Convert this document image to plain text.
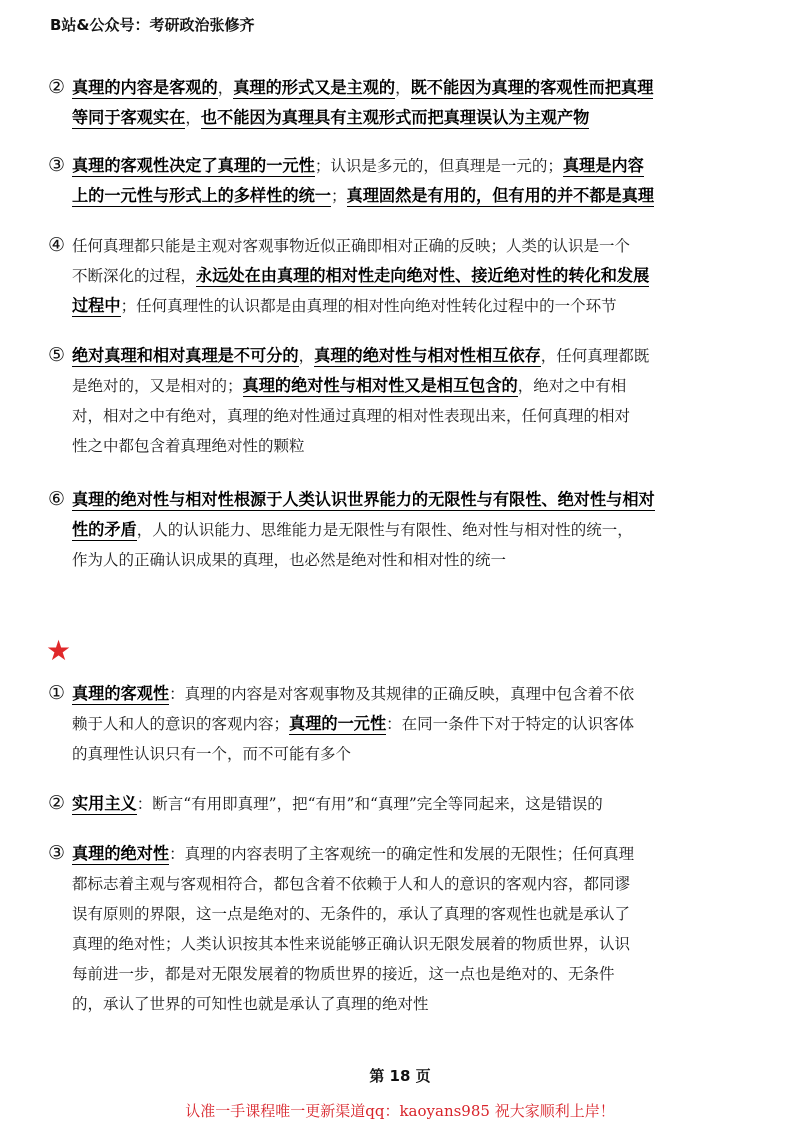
B站&公众号：考研政治张修齐
② 真理的内容是客观的，真理的形式又是主观的，既不能因为真理的客观性而把真理
等同于客观实在，也不能因为真理具有主观形式而把真理误认为主观产物
③ 真理的客观性决定了真理的一元性；认识是多元的，但真理是一元的；真理是内容
上的一元性与形式上的多样性的统一；真理固然是有用的，但有用的并不都是真理
④ 任何真理都只能是主观对客观事物近似正确即相对正确的反映；人类的认识是一个
不断深化的过程，永远处在由真理的相对性走向绝对性、接近绝对性的转化和发展
过程中；任何真理性的认识都是由真理的相对性向绝对性转化过程中的一个环节
⑤ 绝对真理和相对真理是不可分的，真理的绝对性与相对性相互依存，任何真理都既
是绝对的，又是相对的；真理的绝对性与相对性又是相互包含的，绝对之中有相
对，相对之中有绝对，真理的绝对性通过真理的相对性表现出来，任何真理的相对
性之中都包含着真理绝对性的颗粒
⑥ 真理的绝对性与相对性根源于人类认识世界能力的无限性与有限性、绝对性与相对
性的矛盾，人的认识能力、思维能力是无限性与有限性、绝对性与相对性的统一，
作为人的正确认识成果的真理，也必然是绝对性和相对性的统一
★
① 真理的客观性：真理的内容是对客观事物及其规律的正确反映，真理中包含着不依
赖于人和人的意识的客观内容；真理的一元性：在同一条件下对于特定的认识客体
的真理性认识只有一个，而不可能有多个
② 实用主义：断言“有用即真理”，把“有用”和“真理”完全等同起来，这是错误的
③ 真理的绝对性：真理的内容表明了主客观统一的确定性和发展的无限性；任何真理
都标志着主观与客观相符合，都包含着不依赖于人和人的意识的客观内容，都同谬
误有原则的界限，这一点是绝对的、无条件的，承认了真理的客观性也就是承认了
真理的绝对性；人类认识按其本性来说能够正确认识无限发展着的物质世界，认识
每前进一步，都是对无限发展着的物质世界的接近，这一点也是绝对的、无条件
的，承认了世界的可知性也就是承认了真理的绝对性
第 18 页
认准一手课程唯一更新渠道qq：kaoyans985 祝大家顺利上岸！
